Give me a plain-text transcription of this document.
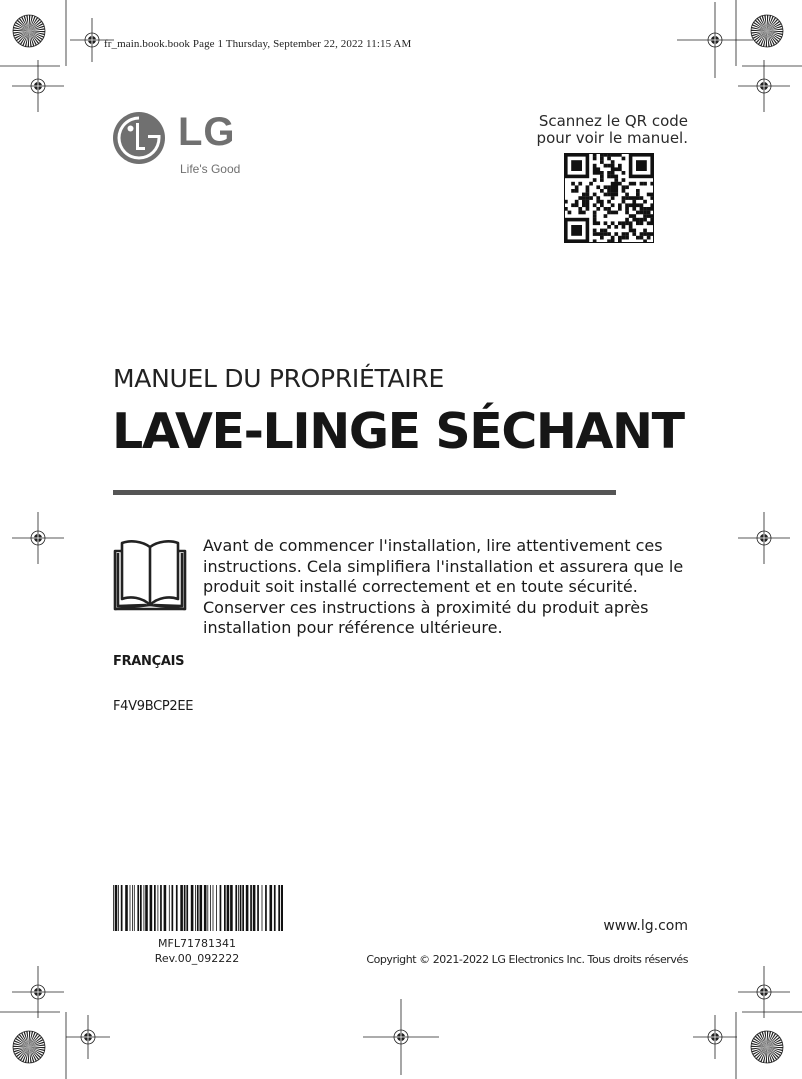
fr_main.book.book Page 1 Thursday, September 22, 2022 11:15 AM
LG
Life's Good
Scannez le QR code
pour voir le manuel.
MANUEL DU PROPRIÉTAIRE
LAVE-LINGE SÉCHANT
Avant de commencer l'installation, lire attentivement ces
instructions. Cela simplifiera l'installation et assurera que le
produit soit installé correctement et en toute sécurité.
Conserver ces instructions à proximité du produit après
installation pour référence ultérieure.
FRANÇAIS
F4V9BCP2EE
MFL71781341
Rev.00_092222
www.lg.com
Copyright © 2021-2022 LG Electronics Inc. Tous droits réservés
